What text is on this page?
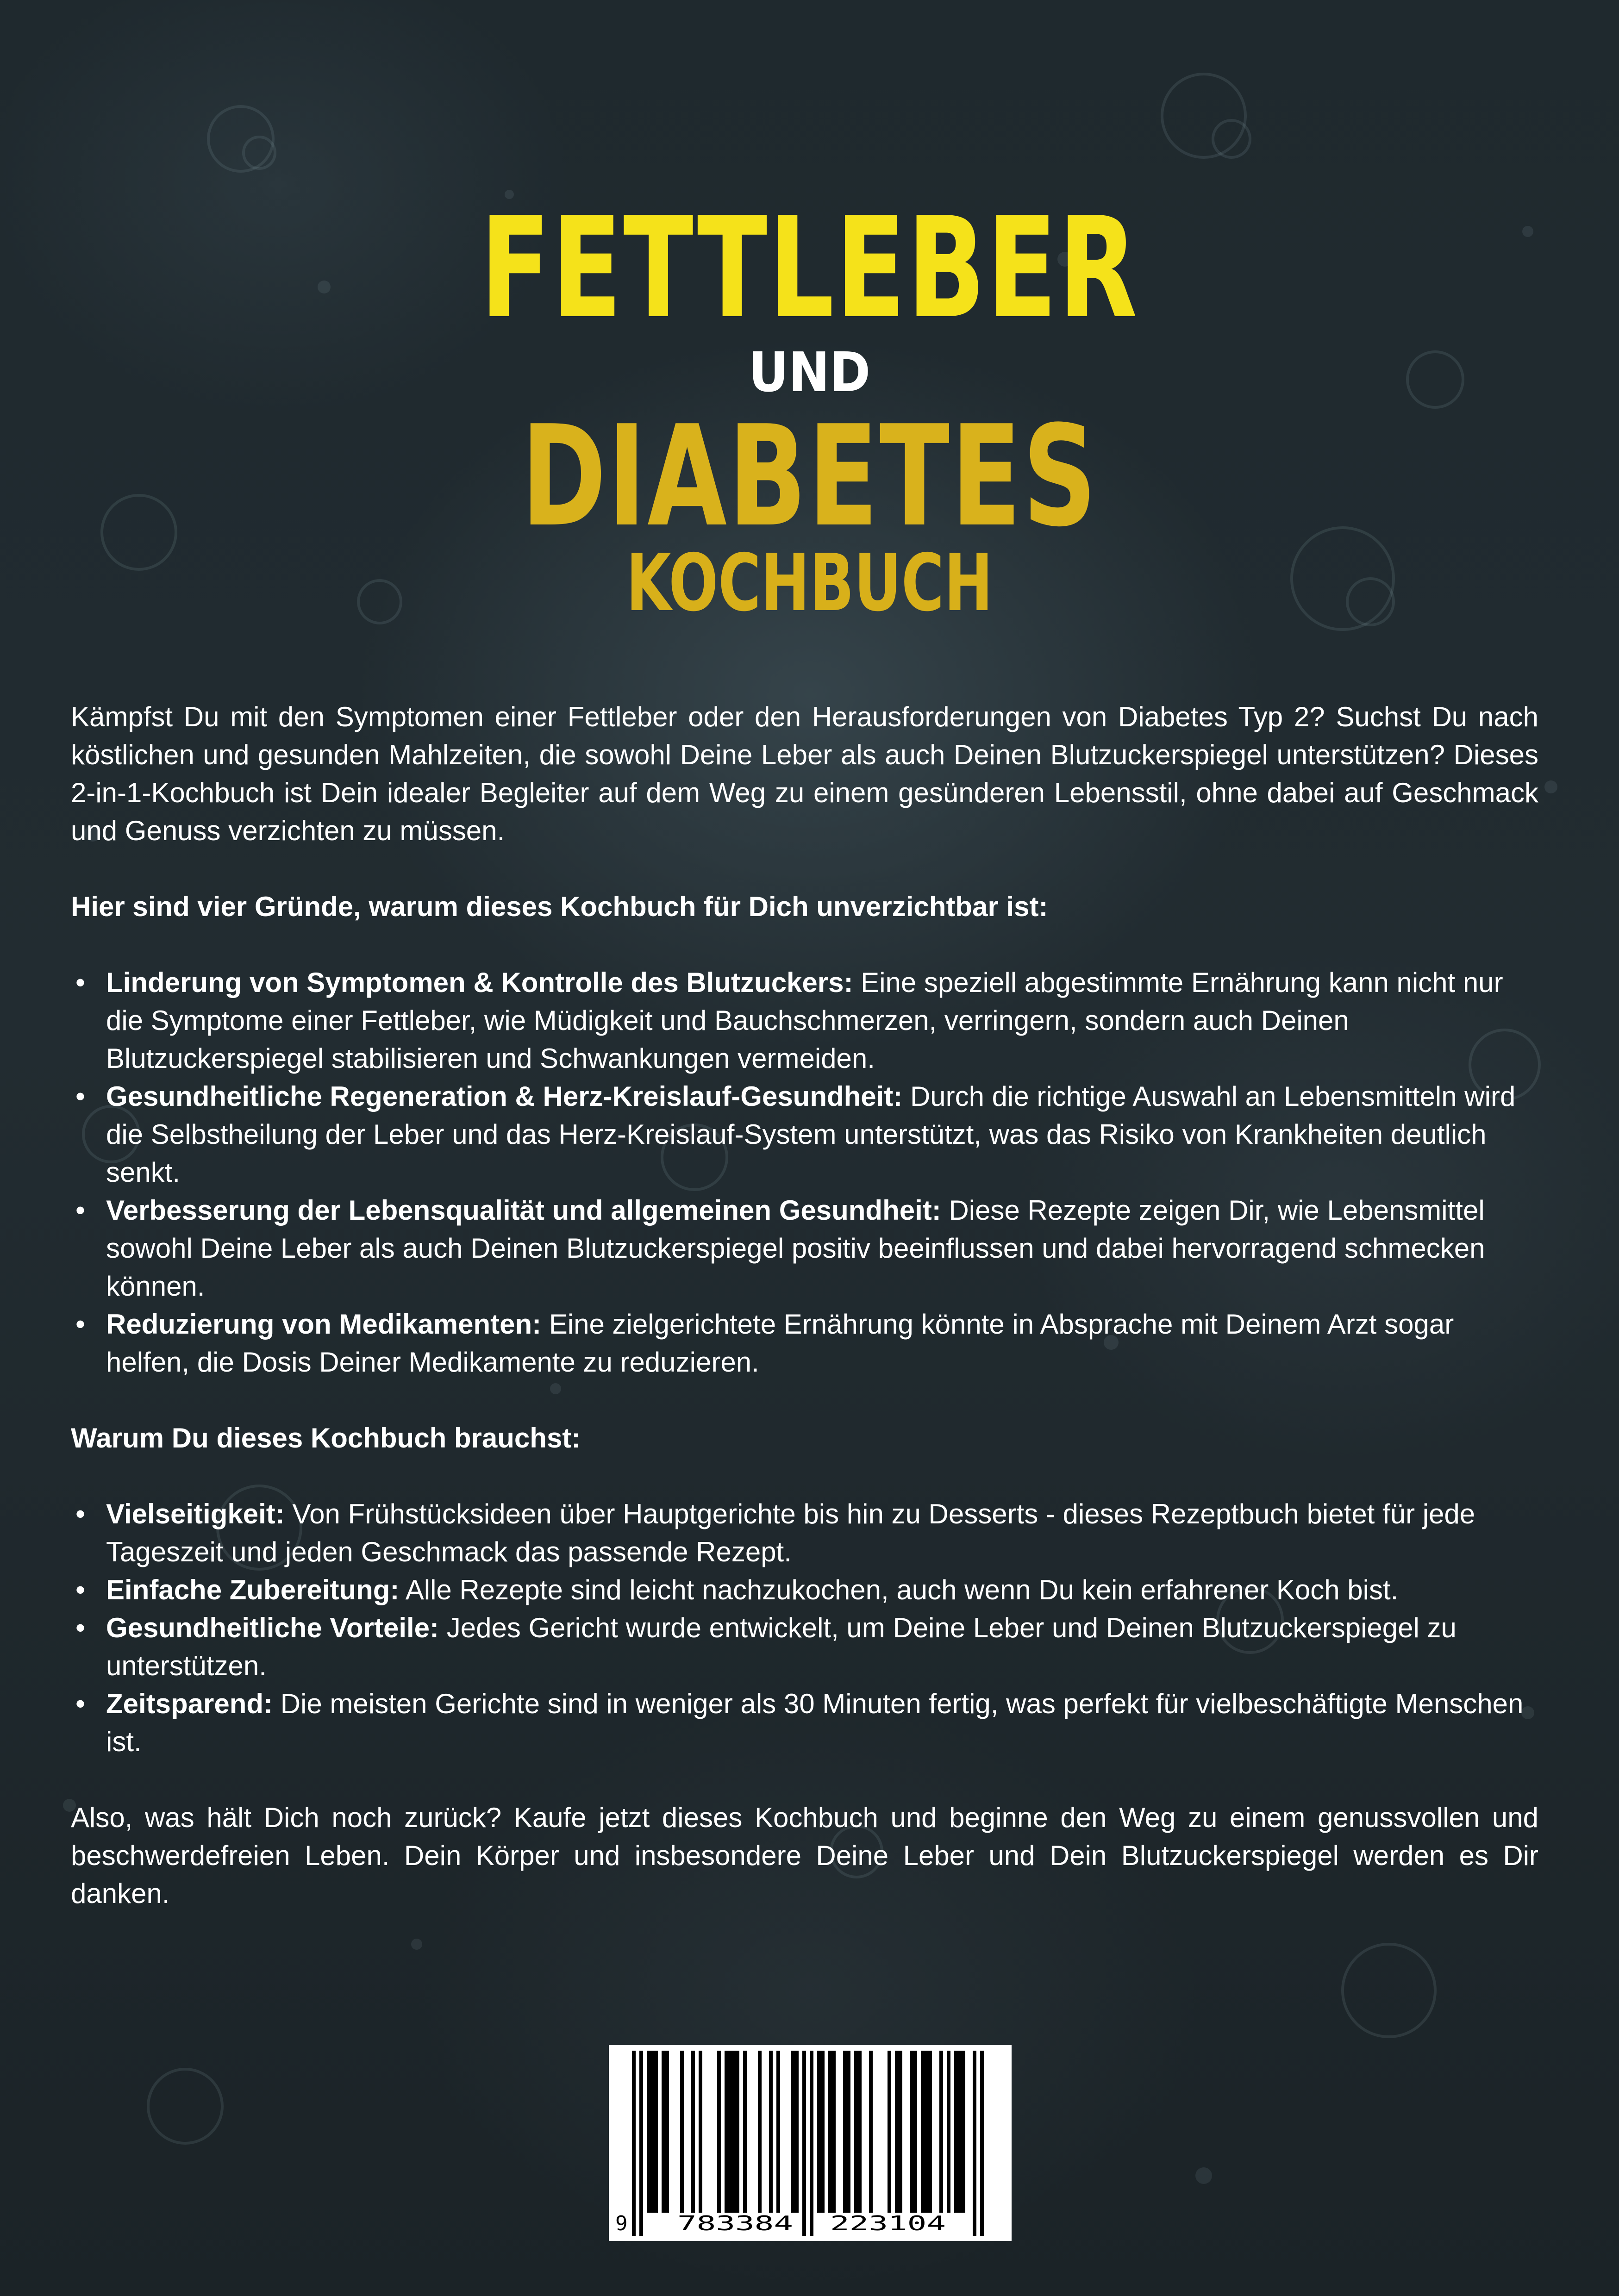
FETTLEBER
UND
DIABETES
KOCHBUCH

Kämpfst Du mit den Symptomen einer Fettleber oder den Herausforderungen von Diabetes Typ 2? Suchst Du nach köstlichen und gesunden Mahlzeiten, die sowohl Deine Leber als auch Deinen Blutzuckerspiegel unterstützen? Dieses 2-in-1-Kochbuch ist Dein idealer Begleiter auf dem Weg zu einem gesünderen Lebensstil, ohne dabei auf Geschmack und Genuss verzichten zu müssen.

Hier sind vier Gründe, warum dieses Kochbuch für Dich unverzichtbar ist:

• Linderung von Symptomen & Kontrolle des Blutzuckers: Eine speziell abgestimmte Ernährung kann nicht nur die Symptome einer Fettleber, wie Müdigkeit und Bauchschmerzen, verringern, sondern auch Deinen Blutzuckerspiegel stabilisieren und Schwankungen vermeiden.
• Gesundheitliche Regeneration & Herz-Kreislauf-Gesundheit: Durch die richtige Auswahl an Lebensmitteln wird die Selbstheilung der Leber und das Herz-Kreislauf-System unterstützt, was das Risiko von Krankheiten deutlich senkt.
• Verbesserung der Lebensqualität und allgemeinen Gesundheit: Diese Rezepte zeigen Dir, wie Lebensmittel sowohl Deine Leber als auch Deinen Blutzuckerspiegel positiv beeinflussen und dabei hervorragend schmecken können.
• Reduzierung von Medikamenten: Eine zielgerichtete Ernährung könnte in Absprache mit Deinem Arzt sogar helfen, die Dosis Deiner Medikamente zu reduzieren.

Warum Du dieses Kochbuch brauchst:

• Vielseitigkeit: Von Frühstücksideen über Hauptgerichte bis hin zu Desserts - dieses Rezeptbuch bietet für jede Tageszeit und jeden Geschmack das passende Rezept.
• Einfache Zubereitung: Alle Rezepte sind leicht nachzukochen, auch wenn Du kein erfahrener Koch bist.
• Gesundheitliche Vorteile: Jedes Gericht wurde entwickelt, um Deine Leber und Deinen Blutzuckerspiegel zu unterstützen.
• Zeitsparend: Die meisten Gerichte sind in weniger als 30 Minuten fertig, was perfekt für vielbeschäftigte Menschen ist.

Also, was hält Dich noch zurück? Kaufe jetzt dieses Kochbuch und beginne den Weg zu einem genussvollen und beschwerdefreien Leben. Dein Körper und insbesondere Deine Leber und Dein Blutzuckerspiegel werden es Dir danken.

9 783384 223104
